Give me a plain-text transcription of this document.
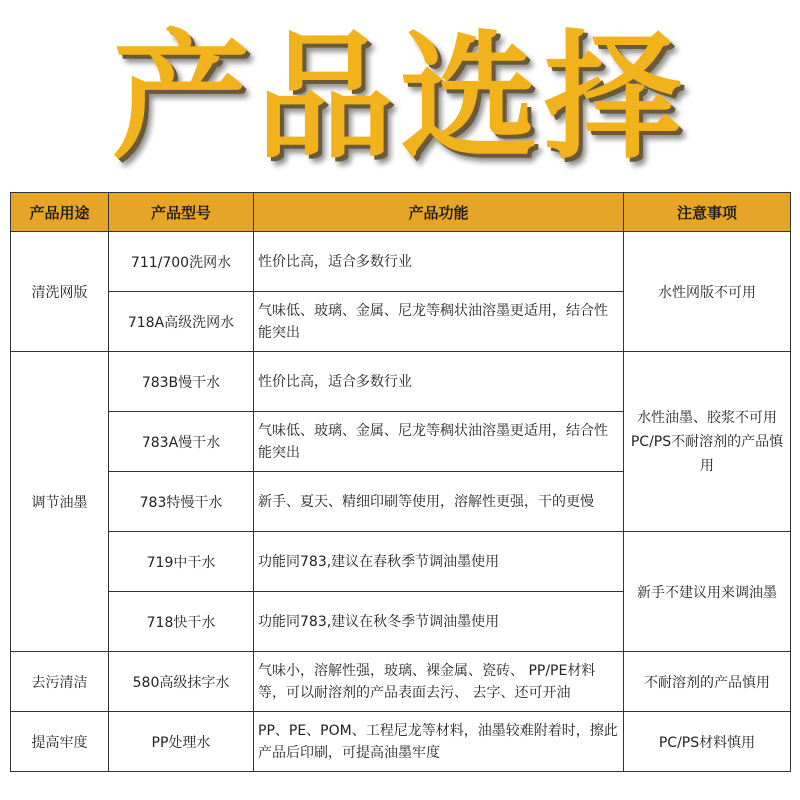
产品选择
产品用途	产品型号	产品功能	注意事项
清洗网版	711/700洗网水	性价比高，适合多数行业	水性网版不可用
	718A高级洗网水	气味低、玻璃、金属、尼龙等稠状油溶墨更适用，结合性能突出	
调节油墨	783B慢干水	性价比高，适合多数行业	水性油墨、胶浆不可用PC/PS不耐溶剂的产品慎用
	783A慢干水	气味低、玻璃、金属、尼龙等稠状油溶墨更适用，结合性能突出	
	783特慢干水	新手、夏天、精细印刷等使用，溶解性更强，干的更慢	
	719中干水	功能同783,建议在春秋季节调油墨使用	新手不建议用来调油墨
	718快干水	功能同783,建议在秋冬季节调油墨使用	
去污清洁	580高级抹字水	气味小，溶解性强，玻璃、裸金属、瓷砖、 PP/PE材料等，可以耐溶剂的产品表面去污、 去字、还可开油	不耐溶剂的产品慎用
提高牢度	PP处理水	PP、PE、POM、工程尼龙等材料，油墨较难附着时，擦此产品后印刷，可提高油墨牢度	PC/PS材料慎用
